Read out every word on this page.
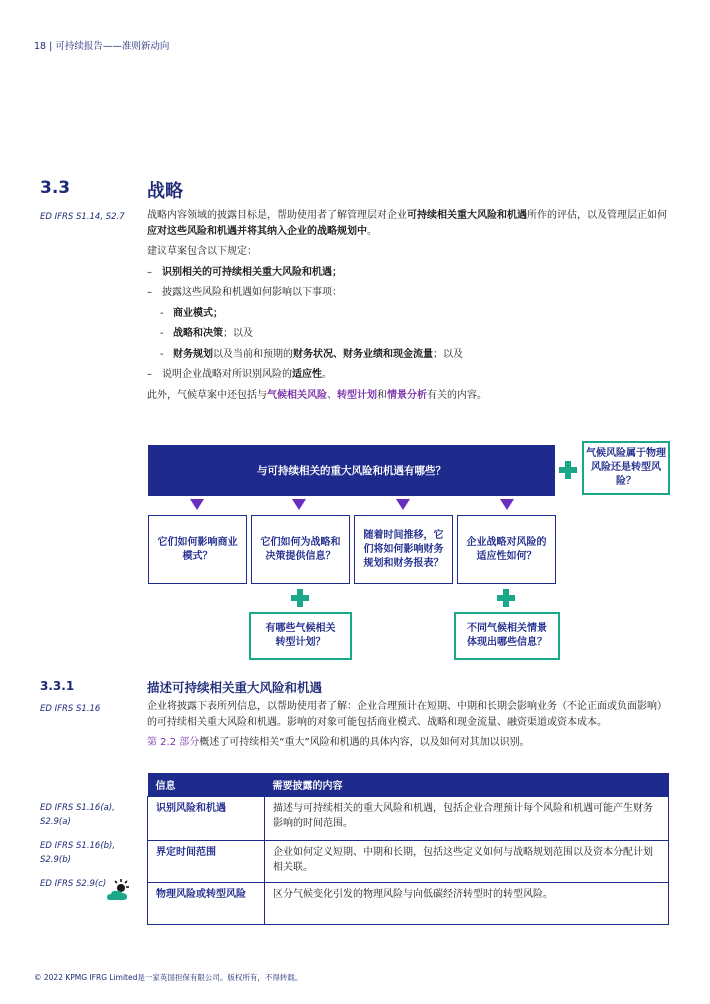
18 | 可持续报告——准则新动向
3.3	战略
ED IFRS S1.14, S2.7 战略内容领域的披露目标是，帮助使用者了解管理层对企业可持续相关重大风险和机遇所作的评估，以及管理层正如何应对这些风险和机遇并将其纳入企业的战略规划中。

建议草案包含以下规定：

– 识别相关的可持续相关重大风险和机遇；
– 披露这些风险和机遇如何影响以下事项：
- 商业模式；
- 战略和决策；以及
- 财务规划以及当前和预期的财务状况、财务业绩和现金流量；以及
– 说明企业战略对所识别风险的适应性。

此外，气候草案中还包括与气候相关风险、转型计划和情景分析有关的内容。

与可持续相关的重大风险和机遇有哪些？
气候风险属于物理风险还是转型风险？
它们如何影响商业模式？
它们如何为战略和决策提供信息？
随着时间推移，它们将如何影响财务规划和财务报表？
企业战略对风险的适应性如何？
有哪些气候相关转型计划？
不同气候相关情景体现出哪些信息？
3.3.1	描述可持续相关重大风险和机遇
ED IFRS S1.16	企业将披露下表所列信息，以帮助使用者了解：企业合理预计在短期、中期和长期会影响业务（不论正面或负面影响）的可持续相关重大风险和机遇。影响的对象可能包括商业模式、战略和现金流量、融资渠道或资本成本。

第 2.2 部分概述了可持续相关“重大”风险和机遇的具体内容，以及如何对其加以识别。

ED IFRS S1.16(a), S2.9(a)
ED IFRS S1.16(b), S2.9(b)
ED IFRS S2.9(c)
信息	需要披露的内容
识别风险和机遇	描述与可持续相关的重大风险和机遇，包括企业合理预计每个风险和机遇可能产生财务影响的时间范围。
界定时间范围	企业如何定义短期、中期和长期，包括这些定义如何与战略规划范围以及资本分配计划相关联。
物理风险或转型风险	区分气候变化引发的物理风险与向低碳经济转型时的转型风险。
© 2022 KPMG IFRG Limited是一家英国担保有限公司。版权所有，不得转载。
